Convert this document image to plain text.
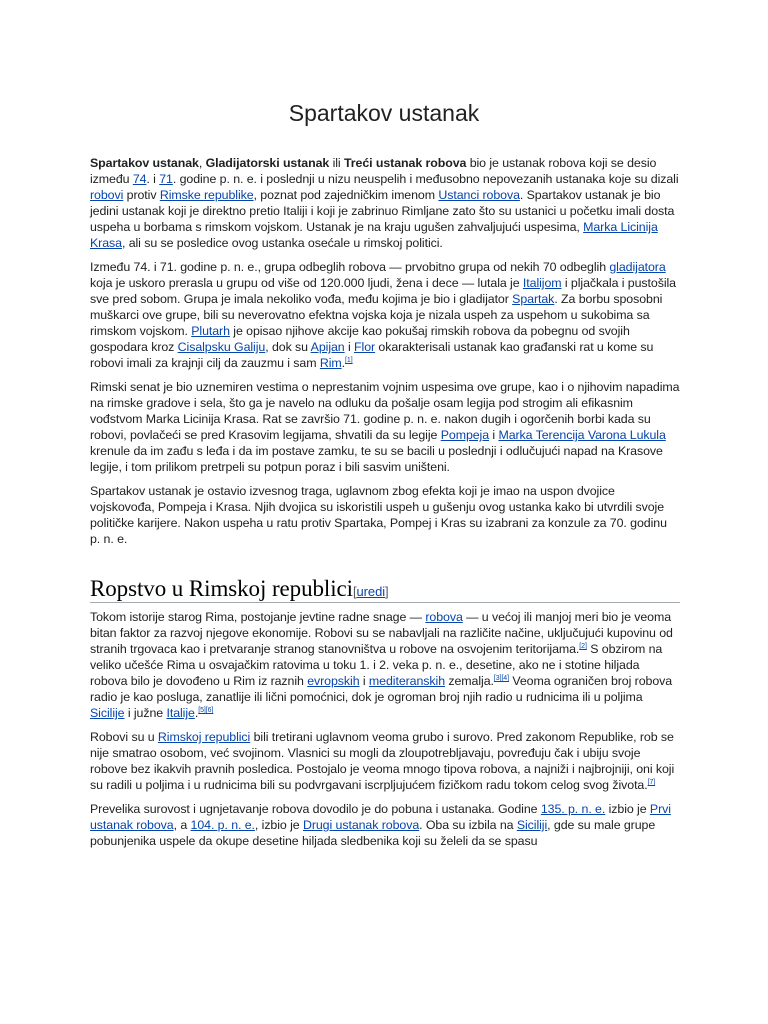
Spartakov ustanak

Spartakov ustanak, Gladijatorski ustanak ili Treći ustanak robova bio je ustanak robova koji se desio između 74. i 71. godine p. n. e. i poslednji u nizu neuspelih i međusobno nepovezanih ustanaka koje su dizali robovi protiv Rimske republike, poznat pod zajedničkim imenom Ustanci robova. Spartakov ustanak je bio jedini ustanak koji je direktno pretio Italiji i koji je zabrinuo Rimljane zato što su ustanici u početku imali dosta uspeha u borbama s rimskom vojskom. Ustanak je na kraju ugušen zahvaljujući uspesima, Marka Licinija Krasa, ali su se posledice ovog ustanka osećale u rimskoj politici.

Između 74. i 71. godine p. n. e., grupa odbeglih robova — prvobitno grupa od nekih 70 odbeglih gladijatora koja je uskoro prerasla u grupu od više od 120.000 ljudi, žena i dece — lutala je Italijom i pljačkala i pustošila sve pred sobom. Grupa je imala nekoliko vođa, među kojima je bio i gladijator Spartak. Za borbu sposobni muškarci ove grupe, bili su neverovatno efektna vojska koja je nizala uspeh za uspehom u sukobima sa rimskom vojskom. Plutarh je opisao njihove akcije kao pokušaj rimskih robova da pobegnu od svojih gospodara kroz Cisalpsku Galiju, dok su Apijan i Flor okarakterisali ustanak kao građanski rat u kome su robovi imali za krajnji cilj da zauzmu i sam Rim.[1]

Rimski senat je bio uznemiren vestima o neprestanim vojnim uspesima ove grupe, kao i o njihovim napadima na rimske gradove i sela, što ga je navelo na odluku da pošalje osam legija pod strogim ali efikasnim vođstvom Marka Licinija Krasa. Rat se završio 71. godine p. n. e. nakon dugih i ogorčenih borbi kada su robovi, povlačeći se pred Krasovim legijama, shvatili da su legije Pompeja i Marka Terencija Varona Lukula krenule da im zađu s leđa i da im postave zamku, te su se bacili u poslednji i odlučujući napad na Krasove legije, i tom prilikom pretrpeli su potpun poraz i bili sasvim uništeni.

Spartakov ustanak je ostavio izvesnog traga, uglavnom zbog efekta koji je imao na uspon dvojice vojskovođa, Pompeja i Krasa. Njih dvojica su iskoristili uspeh u gušenju ovog ustanka kako bi utvrdili svoje političke karijere. Nakon uspeha u ratu protiv Spartaka, Pompej i Kras su izabrani za konzule za 70. godinu p. n. e.

Ropstvo u Rimskoj republici[uredi]

Tokom istorije starog Rima, postojanje jevtine radne snage — robova — u većoj ili manjoj meri bio je veoma bitan faktor za razvoj njegove ekonomije. Robovi su se nabavljali na različite načine, uključujući kupovinu od stranih trgovaca kao i pretvaranje stranog stanovništva u robove na osvojenim teritorijama.[2] S obzirom na veliko učešće Rima u osvajačkim ratovima u toku 1. i 2. veka p. n. e., desetine, ako ne i stotine hiljada robova bilo je dovođeno u Rim iz raznih evropskih i mediteranskih zemalja.[3][4] Veoma ograničen broj robova radio je kao posluga, zanatlije ili lični pomoćnici, dok je ogroman broj njih radio u rudnicima ili u poljima Sicilije i južne Italije.[5][6]

Robovi su u Rimskoj republici bili tretirani uglavnom veoma grubo i surovo. Pred zakonom Republike, rob se nije smatrao osobom, već svojinom. Vlasnici su mogli da zloupotrebljavaju, povređuju čak i ubiju svoje robove bez ikakvih pravnih posledica. Postojalo je veoma mnogo tipova robova, a najniži i najbrojniji, oni koji su radili u poljima i u rudnicima bili su podvrgavani iscrpljujućem fizičkom radu tokom celog svog života.[7]

Prevelika surovost i ugnjetavanje robova dovodilo je do pobuna i ustanaka. Godine 135. p. n. e. izbio je Prvi ustanak robova, a 104. p. n. e., izbio je Drugi ustanak robova. Oba su izbila na Siciliji, gde su male grupe pobunjenika uspele da okupe desetine hiljada sledbenika koji su želeli da se spasu
